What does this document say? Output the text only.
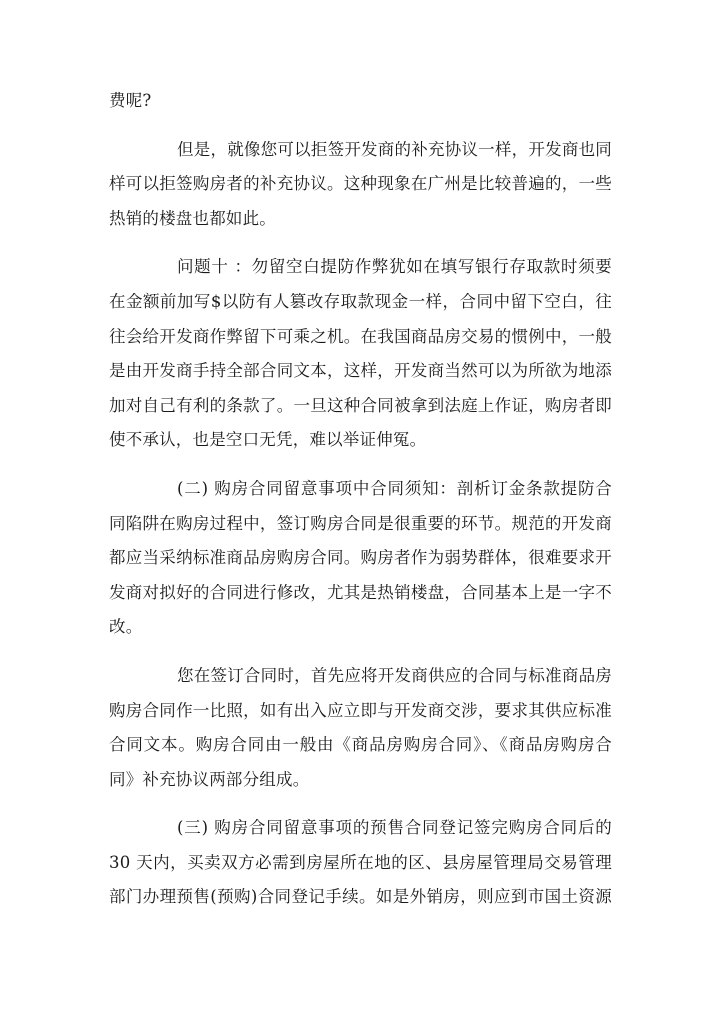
费呢?
但是，就像您可以拒签开发商的补充协议一样，开发商也同
样可以拒签购房者的补充协议。这种现象在广州是比较普遍的，一些
热销的楼盘也都如此。
问题十 ：勿留空白提防作弊犹如在填写银行存取款时须要
在金额前加写$以防有人篡改存取款现金一样，合同中留下空白，往
往会给开发商作弊留下可乘之机。在我国商品房交易的惯例中，一般
是由开发商手持全部合同文本，这样，开发商当然可以为所欲为地添
加对自己有利的条款了。一旦这种合同被拿到法庭上作证，购房者即
使不承认，也是空口无凭，难以举证伸冤。
(二) 购房合同留意事项中合同须知：剖析订金条款提防合
同陷阱在购房过程中，签订购房合同是很重要的环节。规范的开发商
都应当采纳标准商品房购房合同。购房者作为弱势群体，很难要求开
发商对拟好的合同进行修改，尤其是热销楼盘，合同基本上是一字不
改。
您在签订合同时，首先应将开发商供应的合同与标准商品房
购房合同作一比照，如有出入应立即与开发商交涉，要求其供应标准
合同文本。购房合同由一般由《商品房购房合同》、《商品房购房合
同》补充协议两部分组成。
(三) 购房合同留意事项的预售合同登记签完购房合同后的
30 天内，买卖双方必需到房屋所在地的区、县房屋管理局交易管理
部门办理预售(预购)合同登记手续。如是外销房，则应到市国土资源
